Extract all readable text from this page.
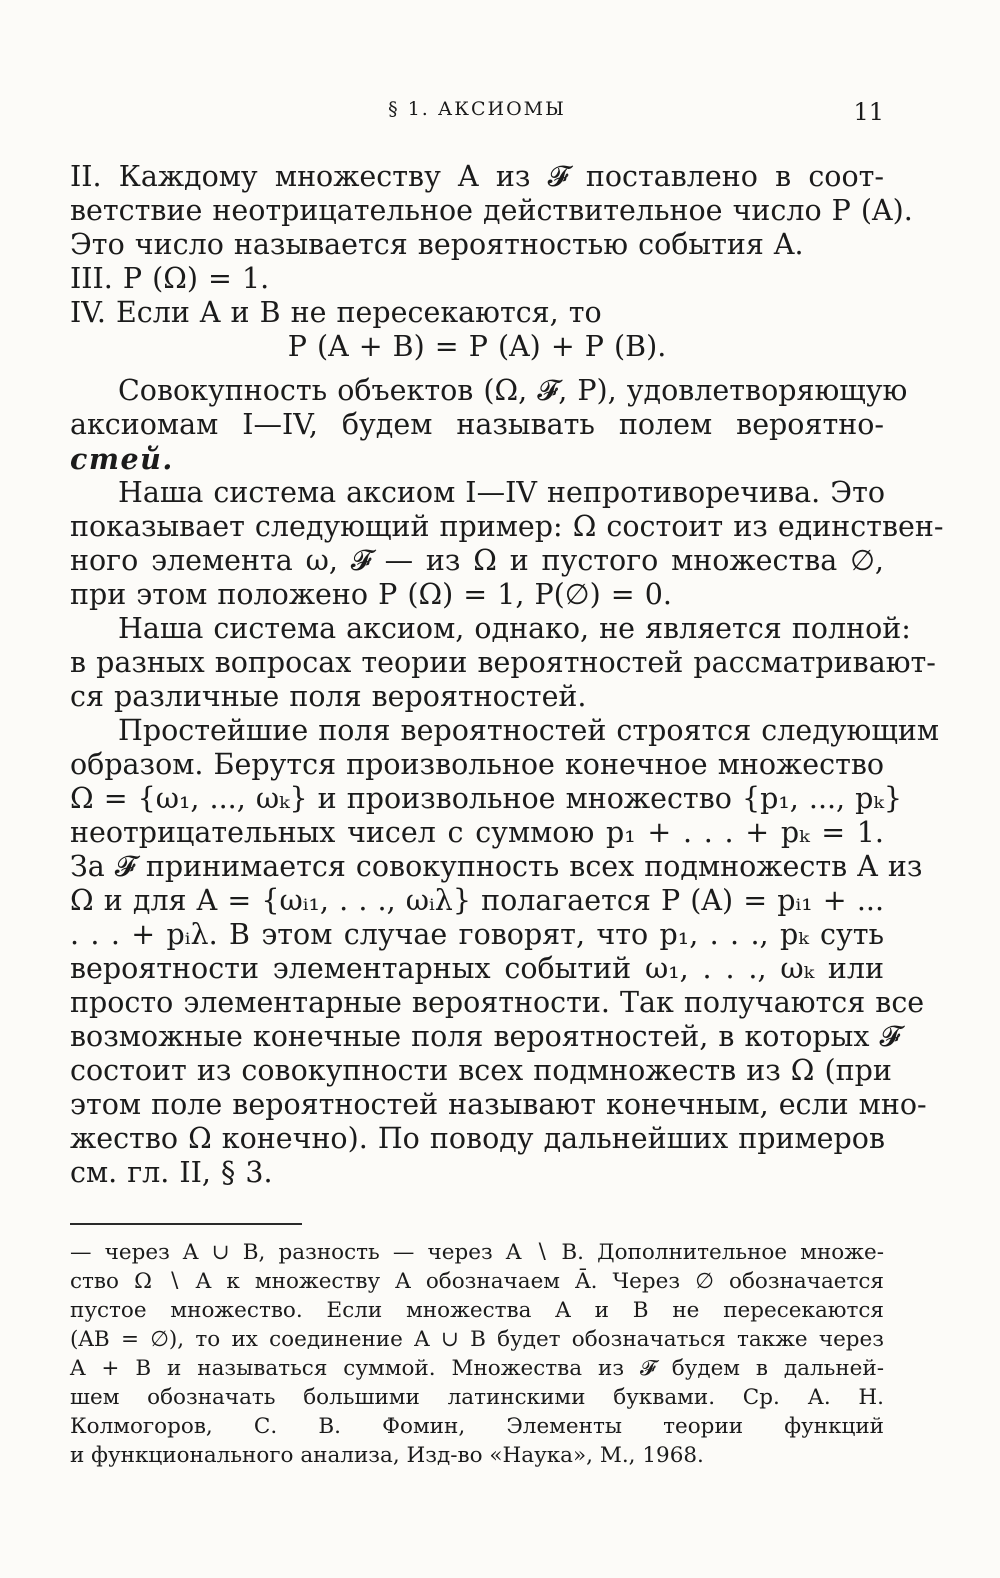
§ 1. АКСИОМЫ	11
II. Каждому множеству A из 𝓕 поставлено в соот-
ветствие неотрицательное действительное число P (A).
Это число называется вероятностью события A.
III. P (Ω) = 1.
IV. Если A и B не пересекаются, то
P (A + B) = P (A) + P (B).
Совокупность объектов (Ω, 𝓕, P), удовлетворяющую
аксиомам I—IV, будем называть полем вероятно-
стей.
Наша система аксиом I—IV непротиворечива. Это
показывает следующий пример: Ω состоит из единствен-
ного элемента ω, 𝓕 — из Ω и пустого множества ∅,
при этом положено P (Ω) = 1, P(∅) = 0.
Наша система аксиом, однако, не является полной:
в разных вопросах теории вероятностей рассматривают-
ся различные поля вероятностей.
Простейшие поля вероятностей строятся следующим
образом. Берутся произвольное конечное множество
Ω = {ω₁, ..., ωₖ} и произвольное множество {p₁, ..., pₖ}
неотрицательных чисел с суммою p₁ + . . . + pₖ = 1.
За 𝓕 принимается совокупность всех подмножеств A из
Ω и для A = {ωᵢ₁, . . ., ωᵢλ} полагается P (A) = pᵢ₁ + ...
. . . + pᵢλ. В этом случае говорят, что p₁, . . ., pₖ суть
вероятности элементарных событий ω₁, . . ., ωₖ или
просто элементарные вероятности. Так получаются все
возможные конечные поля вероятностей, в которых 𝓕
состоит из совокупности всех подмножеств из Ω (при
этом поле вероятностей называют конечным, если мно-
жество Ω конечно). По поводу дальнейших примеров
см. гл. II, § 3.
— через A ∪ B, разность — через A ∖ B. Дополнительное множе-
ство Ω ∖ A к множеству A обозначаем Ā. Через ∅ обозначается
пустое множество. Если множества A и B не пересекаются
(AB = ∅), то их соединение A ∪ B будет обозначаться также через
A + B и называться суммой. Множества из 𝓕 будем в дальней-
шем обозначать большими латинскими буквами. Ср. А. Н.
Колмогоров, С. В. Фомин, Элементы теории функций
и функционального анализа, Изд-во «Наука», М., 1968.
